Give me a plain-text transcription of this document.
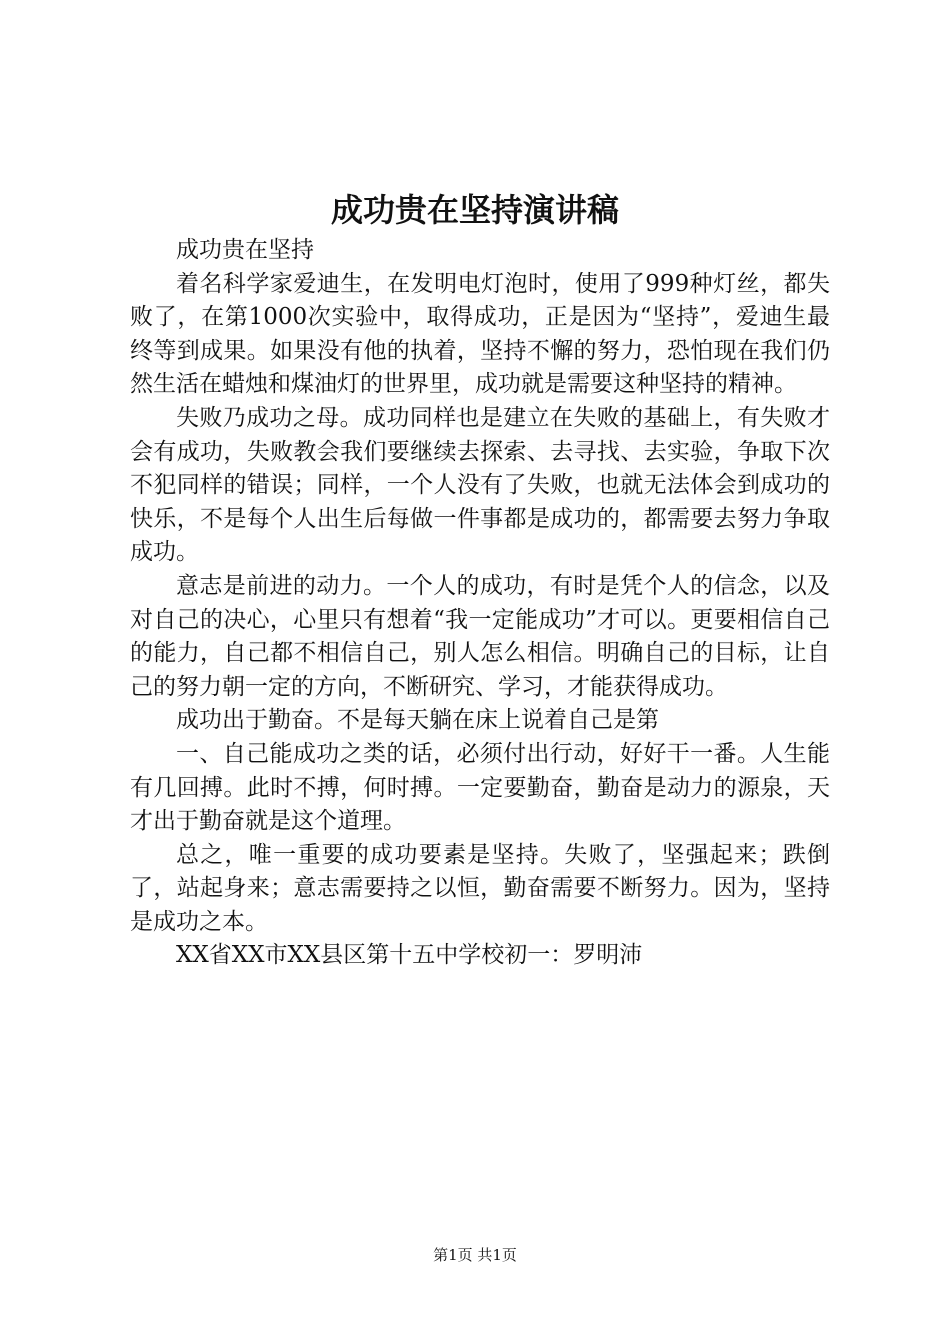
成功贵在坚持演讲稿

成功贵在坚持

着名科学家爱迪生，在发明电灯泡时，使用了999种灯丝，都失败了，在第1000次实验中，取得成功，正是因为“坚持”，爱迪生最终等到成果。如果没有他的执着，坚持不懈的努力，恐怕现在我们仍然生活在蜡烛和煤油灯的世界里，成功就是需要这种坚持的精神。

失败乃成功之母。成功同样也是建立在失败的基础上，有失败才会有成功，失败教会我们要继续去探索、去寻找、去实验，争取下次不犯同样的错误；同样，一个人没有了失败，也就无法体会到成功的快乐，不是每个人出生后每做一件事都是成功的，都需要去努力争取成功。

意志是前进的动力。一个人的成功，有时是凭个人的信念，以及对自己的决心，心里只有想着“我一定能成功”才可以。更要相信自己的能力，自己都不相信自己，别人怎么相信。明确自己的目标，让自己的努力朝一定的方向，不断研究、学习，才能获得成功。

成功出于勤奋。不是每天躺在床上说着自己是第

一、自己能成功之类的话，必须付出行动，好好干一番。人生能有几回搏。此时不搏，何时搏。一定要勤奋，勤奋是动力的源泉，天才出于勤奋就是这个道理。

总之，唯一重要的成功要素是坚持。失败了，坚强起来；跌倒了，站起身来；意志需要持之以恒，勤奋需要不断努力。因为，坚持是成功之本。

XX省XX市XX县区第十五中学校初一：罗明沛

第1页 共1页
